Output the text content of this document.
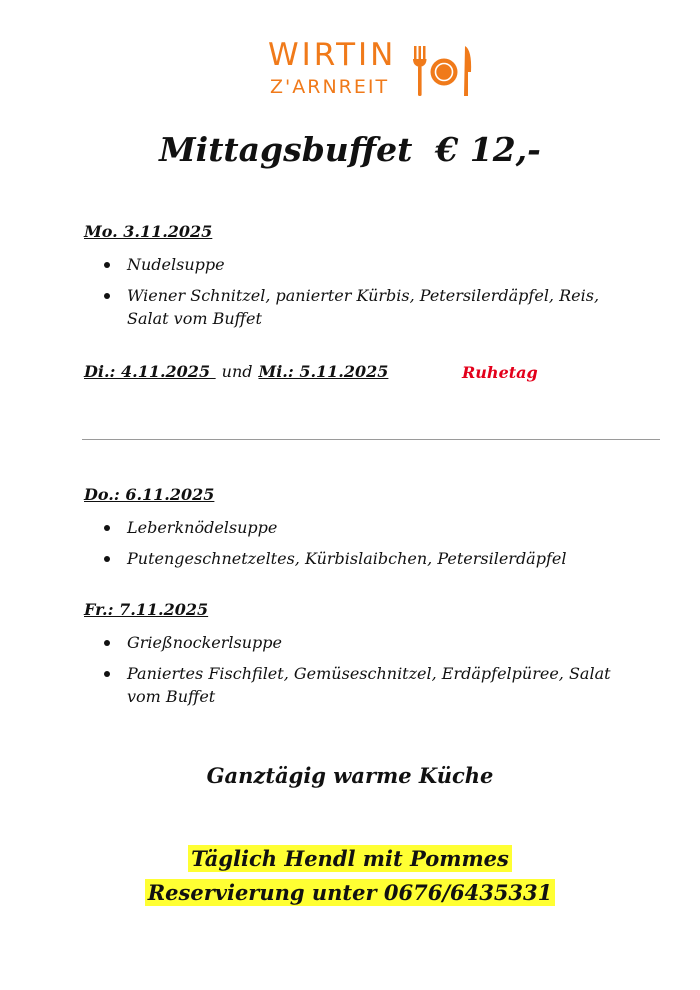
WIRTIN
Z'ARNREIT
Mittagsbuffet  € 12,-
Mo. 3.11.2025
Nudelsuppe
Wiener Schnitzel, panierter Kürbis, Petersilerdäpfel, Reis, Salat vom Buffet
Di.: 4.11.2025 und Mi.: 5.11.2025	Ruhetag
Do.: 6.11.2025
Leberknödelsuppe
Putengeschnetzeltes, Kürbislaibchen, Petersilerdäpfel
Fr.: 7.11.2025
Grießnockerlsuppe
Paniertes Fischfilet, Gemüseschnitzel, Erdäpfelpüree, Salat vom Buffet
Ganztägig warme Küche
Täglich Hendl mit Pommes
Reservierung unter 0676/6435331
